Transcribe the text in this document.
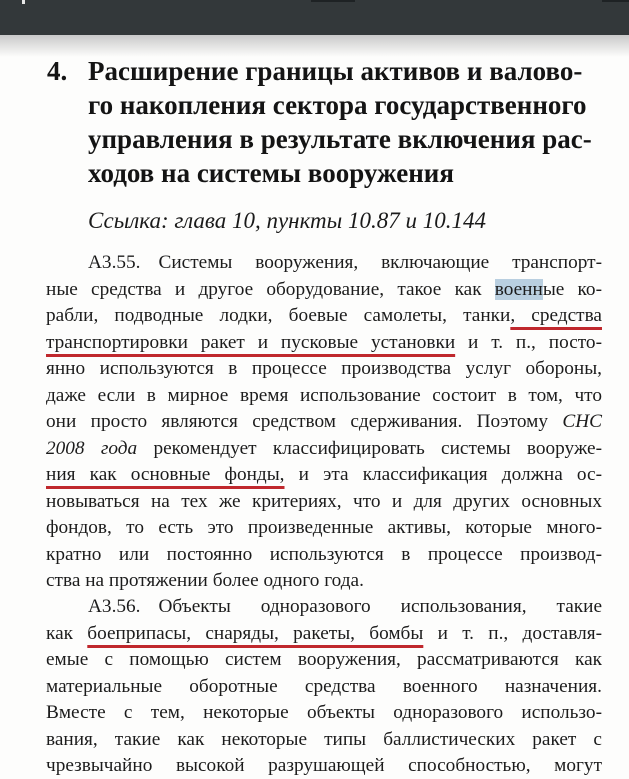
4. Расширение границы активов и валово-
го накопления сектора государственного
управления в результате включения рас-
ходов на системы вооружения
Ссылка: глава 10, пункты 10.87 и 10.144
A3.55. Системы вооружения, включающие транспорт-
ные средства и другое оборудование, такое как военные ко-
рабли, подводные лодки, боевые самолеты, танки, средства
транспортировки ракет и пусковые установки и т. п., посто-
янно используются в процессе производства услуг обороны,
даже если в мирное время использование состоит в том, что
они просто являются средством сдерживания. Поэтому СНС
2008 года рекомендует классифицировать системы вооруже-
ния как основные фонды, и эта классификация должна ос-
новываться на тех же критериях, что и для других основных
фондов, то есть это произведенные активы, которые много-
кратно или постоянно используются в процессе производ-
ства на протяжении более одного года.
A3.56. Объекты одноразового использования, такие
как боеприпасы, снаряды, ракеты, бомбы и т. п., доставля-
емые с помощью систем вооружения, рассматриваются как
материальные оборотные средства военного назначения.
Вместе с тем, некоторые объекты одноразового использо-
вания, такие как некоторые типы баллистических ракет с
чрезвычайно высокой разрушающей способностью, могут
